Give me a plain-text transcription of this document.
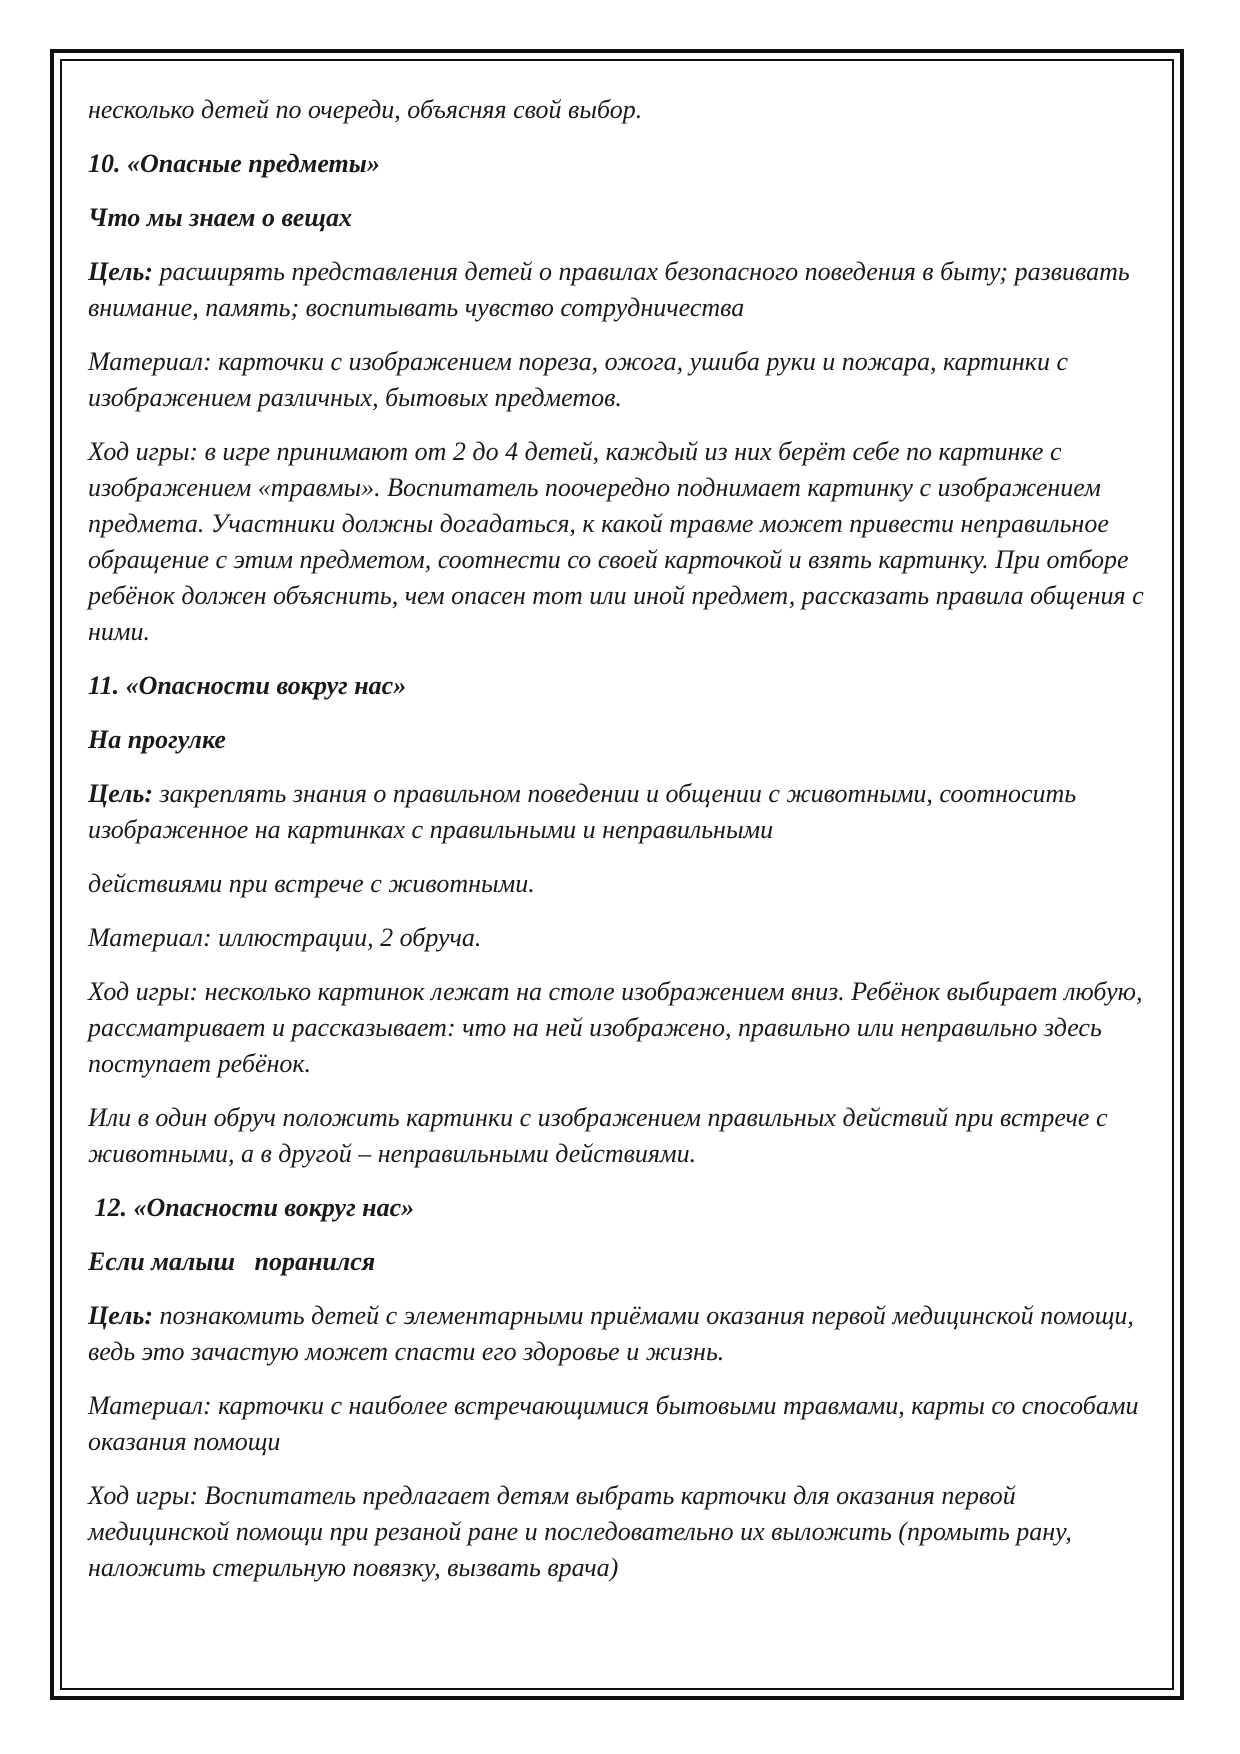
несколько детей по очереди, объясняя свой выбор.

10. «Опасные предметы»

Что мы знаем о вещах

Цель: расширять представления детей о правилах безопасного поведения в быту; развивать внимание, память; воспитывать чувство сотрудничества

Материал: карточки с изображением пореза, ожога, ушиба руки и пожара, картинки с изображением различных, бытовых предметов.

Ход игры: в игре принимают от 2 до 4 детей, каждый из них берёт себе по картинке с изображением «травмы». Воспитатель поочередно поднимает картинку с изображением предмета. Участники должны догадаться, к какой травме может привести неправильное обращение с этим предметом, соотнести со своей карточкой и взять картинку. При отборе ребёнок должен объяснить, чем опасен тот или иной предмет, рассказать правила общения с ними.

11. «Опасности вокруг нас»

На прогулке

Цель: закреплять знания о правильном поведении и общении с животными, соотносить изображенное на картинках с правильными и неправильными

действиями при встрече с животными.

Материал: иллюстрации, 2 обруча.

Ход игры: несколько картинок лежат на столе изображением вниз. Ребёнок выбирает любую, рассматривает и рассказывает: что на ней изображено, правильно или неправильно здесь поступает ребёнок.

Или в один обруч положить картинки с изображением правильных действий при встрече с животными, а в другой – неправильными действиями.

12. «Опасности вокруг нас»

Если малыш   поранился

Цель: познакомить детей с элементарными приёмами оказания первой медицинской помощи, ведь это зачастую может спасти его здоровье и жизнь.

Материал: карточки с наиболее встречающимися бытовыми травмами, карты со способами оказания помощи

Ход игры: Воспитатель предлагает детям выбрать карточки для оказания первой медицинской помощи при резаной ране и последовательно их выложить (промыть рану, наложить стерильную повязку, вызвать врача)
